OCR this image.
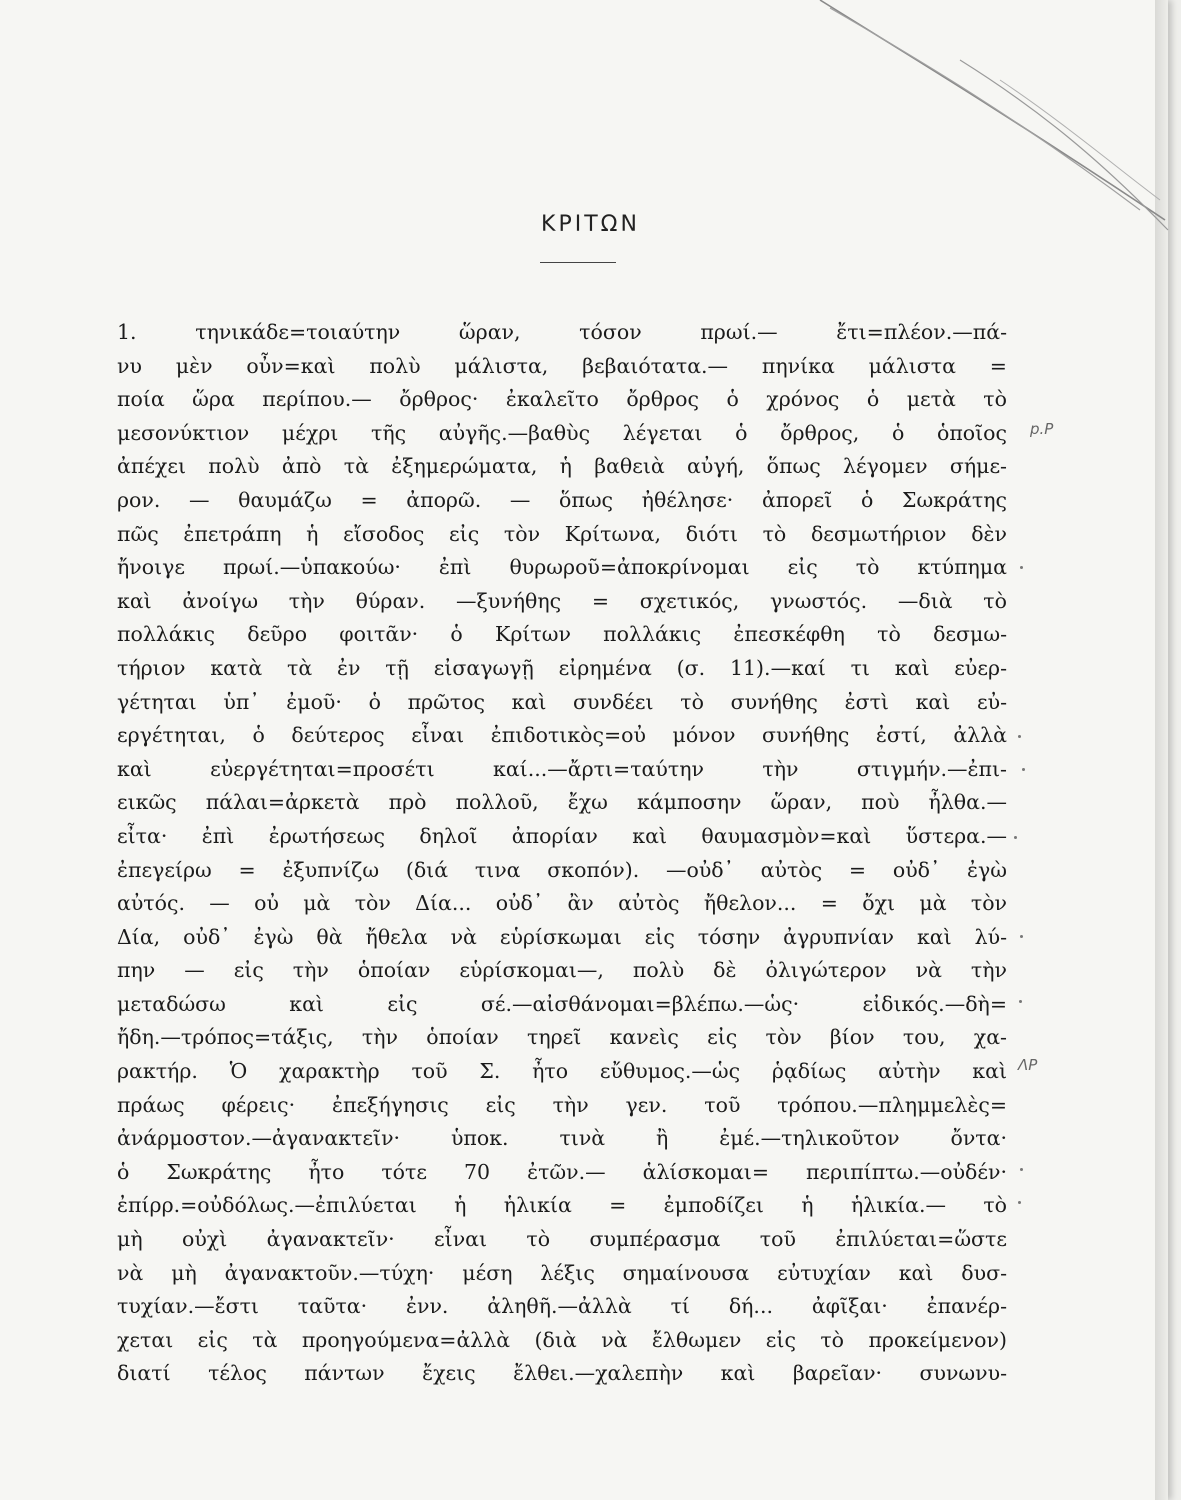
ΚΡΙΤΩΝ
1. τηνικάδε=τοιαύτην ὥραν, τόσον πρωί.— ἔτι=πλέον.—πά-
νυ μὲν οὖν=καὶ πολὺ μάλιστα, βεβαιότατα.— πηνίκα μάλιστα =
ποία ὥρα περίπου.— ὄρθρος· ἐκαλεῖτο ὄρθρος ὁ χρόνος ὁ μετὰ τὸ
μεσονύκτιον μέχρι τῆς αὐγῆς.—βαθὺς λέγεται ὁ ὄρθρος, ὁ ὁποῖος
ἀπέχει πολὺ ἀπὸ τὰ ἐξημερώματα, ἡ βαθειὰ αὐγή, ὅπως λέγομεν σήμε-
ρον. — θαυμάζω = ἀπορῶ. — ὅπως ἠθέλησε· ἀπορεῖ ὁ Σωκράτης
πῶς ἐπετράπη ἡ εἴσοδος εἰς τὸν Κρίτωνα, διότι τὸ δεσμωτήριον δὲν
ἤνοιγε πρωί.—ὑπακούω· ἐπὶ θυρωροῦ=ἀποκρίνομαι εἰς τὸ κτύπημα
καὶ ἀνοίγω τὴν θύραν. —ξυνήθης = σχετικός, γνωστός. —διὰ τὸ
πολλάκις δεῦρο φοιτᾶν· ὁ Κρίτων πολλάκις ἐπεσκέφθη τὸ δεσμω-
τήριον κατὰ τὰ ἐν τῇ εἰσαγωγῇ εἰρημένα (σ. 11).—καί τι καὶ εὐερ-
γέτηται ὑπ᾽ ἐμοῦ· ὁ πρῶτος καὶ συνδέει τὸ συνήθης ἐστὶ καὶ εὐ-
εργέτηται, ὁ δεύτερος εἶναι ἐπιδοτικὸς=οὐ μόνον συνήθης ἐστί, ἀλλὰ
καὶ εὐεργέτηται=προσέτι καί...—ἄρτι=ταύτην τὴν στιγμήν.—ἐπι-
εικῶς πάλαι=ἀρκετὰ πρὸ πολλοῦ, ἔχω κάμποσην ὥραν, ποὺ ἦλθα.—
εἶτα· ἐπὶ ἐρωτήσεως δηλοῖ ἀπορίαν καὶ θαυμασμὸν=καὶ ὕστερα.—
ἐπεγείρω = ἐξυπνίζω (διά τινα σκοπόν). —οὐδ᾽ αὐτὸς = οὐδ᾽ ἐγὼ
αὐτός. — οὐ μὰ τὸν Δία... οὐδ᾽ ἂν αὐτὸς ἤθελον... = ὄχι μὰ τὸν
Δία, οὐδ᾽ ἐγὼ θὰ ἤθελα νὰ εὑρίσκωμαι εἰς τόσην ἀγρυπνίαν καὶ λύ-
πην — εἰς τὴν ὁποίαν εὑρίσκομαι—, πολὺ δὲ ὀλιγώτερον νὰ τὴν
μεταδώσω καὶ εἰς σέ.—αἰσθάνομαι=βλέπω.—ὡς· εἰδικός.—δὴ=
ἤδη.—τρόπος=τάξις, τὴν ὁποίαν τηρεῖ κανεὶς εἰς τὸν βίον του, χα-
ρακτήρ. Ὁ χαρακτὴρ τοῦ Σ. ἦτο εὔθυμος.—ὡς ῥᾳδίως αὐτὴν καὶ
πράως φέρεις· ἐπεξήγησις εἰς τὴν γεν. τοῦ τρόπου.—πλημμελὲς=
ἀνάρμοστον.—ἀγανακτεῖν· ὑποκ. τινὰ ἢ ἐμέ.—τηλικοῦτον ὄντα·
ὁ Σωκράτης ἦτο τότε 70 ἐτῶν.— ἁλίσκομαι= περιπίπτω.—οὐδέν·
ἐπίρρ.=οὐδόλως.—ἐπιλύεται ἡ ἡλικία = ἐμποδίζει ἡ ἡλικία.— τὸ
μὴ οὐχὶ ἀγανακτεῖν· εἶναι τὸ συμπέρασμα τοῦ ἐπιλύεται=ὥστε
νὰ μὴ ἀγανακτοῦν.—τύχη· μέση λέξις σημαίνουσα εὐτυχίαν καὶ δυσ-
τυχίαν.—ἔστι ταῦτα· ἐνν. ἀληθῆ.—ἀλλὰ τί δή... ἀφῖξαι· ἐπανέρ-
χεται εἰς τὰ προηγούμενα=ἀλλὰ (διὰ νὰ ἔλθωμεν εἰς τὸ προκείμενον)
διατί τέλος πάντων ἔχεις ἔλθει.—χαλεπὴν καὶ βαρεῖαν· συνωνυ-
p.P
ΛP
